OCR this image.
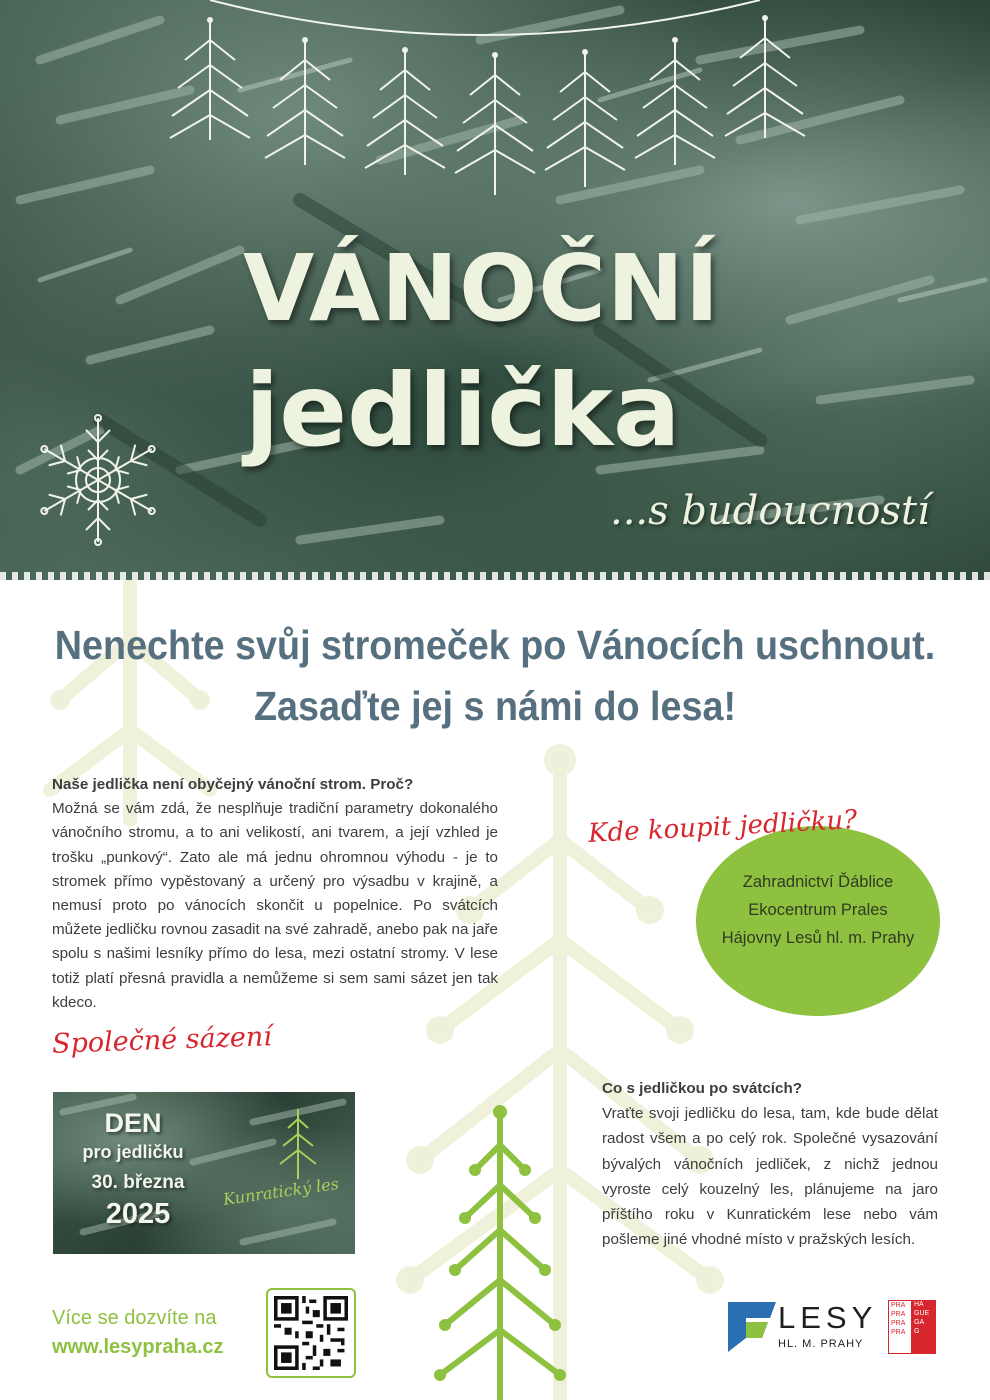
VÁNOČNÍ
jedlička
...s budoucností
Nenechte svůj stromeček po Vánocích uschnout.
Zasaďte jej s námi do lesa!
Naše jedlička není obyčejný vánoční strom. Proč?
Možná se vám zdá, že nesplňuje tradiční parametry dokonalého vánočního stromu, a to ani velikostí, ani tvarem, a její vzhled je trošku „punkový“. Zato ale má jednu ohromnou výhodu - je to stromek přímo vypěstovaný a určený pro výsadbu v krajině, a nemusí proto po vánocích skončit u popelnice. Po svátcích můžete jedličku rovnou zasadit na své zahradě, anebo pak na jaře spolu s našimi lesníky přímo do lesa, mezi ostatní stromy. V lese totiž platí přesná pravidla a nemůžeme si sem sami sázet jen tak kdeco.
Kde koupit jedličku?
Zahradnictví Ďáblice
Ekocentrum Prales
Hájovny Lesů hl. m. Prahy
Společné sázení
DEN
pro jedličku
30. března
2025
Kunratický les
Co s jedličkou po svátcích?
Vraťte svoji jedličku do lesa, tam, kde bude dělat radost všem a po celý rok. Společné vysazování bývalých vánočních jedliček, z nichž jednou vyroste celý kouzelný les, plánujeme na jaro příštího roku v Kunratickém lese nebo vám pošleme jiné vhodné místo v pražských lesích.
Více se dozvíte na
www.lesypraha.cz
LESY
HL. M. PRAHY
PRA
PRA
PRA
PRA
HA
GUE
GA
G
